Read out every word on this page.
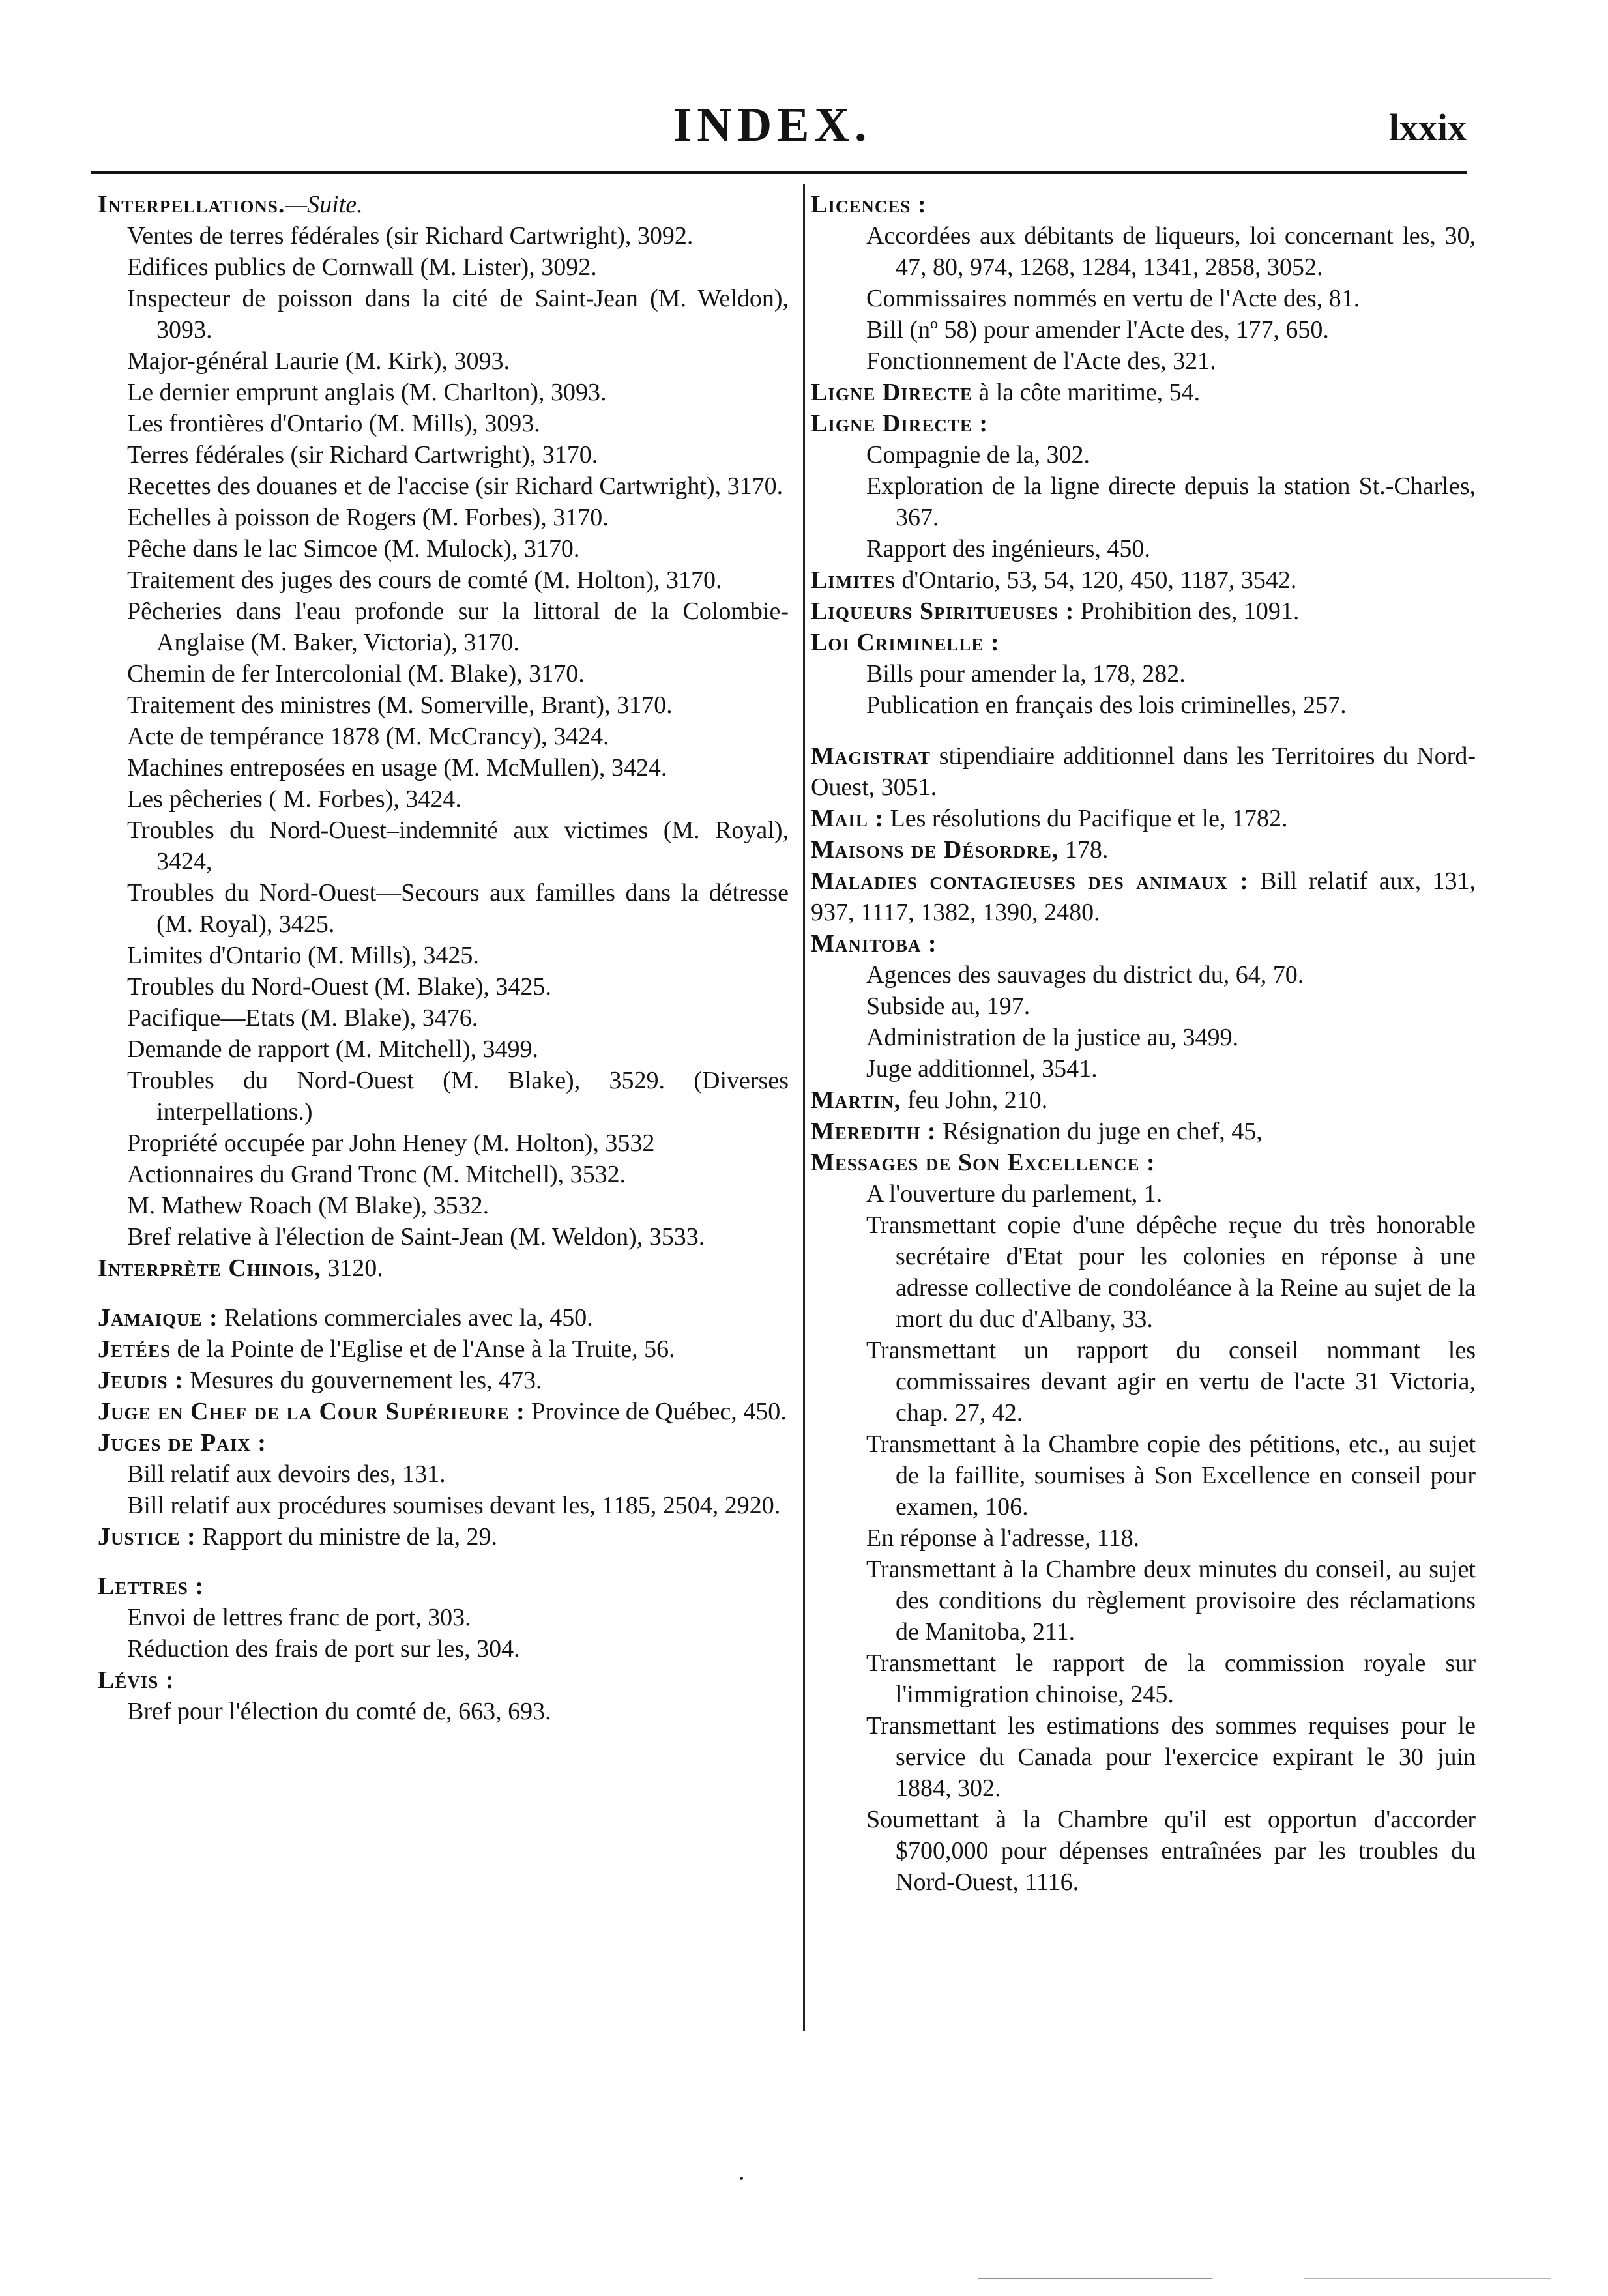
INDEX.	lxxix
Interpellations.—Suite.
Ventes de terres fédérales (sir Richard Cartwright), 3092.
Edifices publics de Cornwall (M. Lister), 3092.
Inspecteur de poisson dans la cité de Saint-Jean (M. Weldon), 3093.
Major-général Laurie (M. Kirk), 3093.
Le dernier emprunt anglais (M. Charlton), 3093.
Les frontières d'Ontario (M. Mills), 3093.
Terres fédérales (sir Richard Cartwright), 3170.
Recettes des douanes et de l'accise (sir Richard Cartwright), 3170.
Echelles à poisson de Rogers (M. Forbes), 3170.
Pêche dans le lac Simcoe (M. Mulock), 3170.
Traitement des juges des cours de comté (M. Holton), 3170.
Pêcheries dans l'eau profonde sur la littoral de la Colombie-Anglaise (M. Baker, Victoria), 3170.
Chemin de fer Intercolonial (M. Blake), 3170.
Traitement des ministres (M. Somerville, Brant), 3170.
Acte de tempérance 1878 (M. McCrancy), 3424.
Machines entreposées en usage (M. McMullen), 3424.
Les pêcheries ( M. Forbes), 3424.
Troubles du Nord-Ouest–indemnité aux victimes (M. Royal), 3424,
Troubles du Nord-Ouest—Secours aux familles dans la détresse (M. Royal), 3425.
Limites d'Ontario (M. Mills), 3425.
Troubles du Nord-Ouest (M. Blake), 3425.
Pacifique—Etats (M. Blake), 3476.
Demande de rapport (M. Mitchell), 3499.
Troubles du Nord-Ouest (M. Blake), 3529. (Diverses interpellations.)
Propriété occupée par John Heney (M. Holton), 3532
Actionnaires du Grand Tronc (M. Mitchell), 3532.
M. Mathew Roach (M Blake), 3532.
Bref relative à l'élection de Saint-Jean (M. Weldon), 3533.
Interprète Chinois, 3120.
Jamaique : Relations commerciales avec la, 450.
Jetées de la Pointe de l'Eglise et de l'Anse à la Truite, 56.
Jeudis : Mesures du gouvernement les, 473.
Juge en Chef de la Cour Supérieure : Province de Québec, 450.
Juges de Paix :
Bill relatif aux devoirs des, 131.
Bill relatif aux procédures soumises devant les, 1185, 2504, 2920.
Justice : Rapport du ministre de la, 29.
Lettres :
Envoi de lettres franc de port, 303.
Réduction des frais de port sur les, 304.
Lévis :
Bref pour l'élection du comté de, 663, 693.
Licences :
Accordées aux débitants de liqueurs, loi concernant les, 30, 47, 80, 974, 1268, 1284, 1341, 2858, 3052.
Commissaires nommés en vertu de l'Acte des, 81.
Bill (nº 58) pour amender l'Acte des, 177, 650.
Fonctionnement de l'Acte des, 321.
Ligne Directe à la côte maritime, 54.
Ligne Directe :
Compagnie de la, 302.
Exploration de la ligne directe depuis la station St.-Charles, 367.
Rapport des ingénieurs, 450.
Limites d'Ontario, 53, 54, 120, 450, 1187, 3542.
Liqueurs Spiritueuses : Prohibition des, 1091.
Loi Criminelle :
Bills pour amender la, 178, 282.
Publication en français des lois criminelles, 257.
Magistrat stipendiaire additionnel dans les Territoires du Nord-Ouest, 3051.
Mail : Les résolutions du Pacifique et le, 1782.
Maisons de Désordre, 178.
Maladies contagieuses des animaux : Bill relatif aux, 131, 937, 1117, 1382, 1390, 2480.
Manitoba :
Agences des sauvages du district du, 64, 70.
Subside au, 197.
Administration de la justice au, 3499.
Juge additionnel, 3541.
Martin, feu John, 210.
Meredith : Résignation du juge en chef, 45,
Messages de Son Excellence :
A l'ouverture du parlement, 1.
Transmettant copie d'une dépêche reçue du très honorable secrétaire d'Etat pour les colonies en réponse à une adresse collective de condoléance à la Reine au sujet de la mort du duc d'Albany, 33.
Transmettant un rapport du conseil nommant les commissaires devant agir en vertu de l'acte 31 Victoria, chap. 27, 42.
Transmettant à la Chambre copie des pétitions, etc., au sujet de la faillite, soumises à Son Excellence en conseil pour examen, 106.
En réponse à l'adresse, 118.
Transmettant à la Chambre deux minutes du conseil, au sujet des conditions du règlement provisoire des réclamations de Manitoba, 211.
Transmettant le rapport de la commission royale sur l'immigration chinoise, 245.
Transmettant les estimations des sommes requises pour le service du Canada pour l'exercice expirant le 30 juin 1884, 302.
Soumettant à la Chambre qu'il est opportun d'accorder $700,000 pour dépenses entraînées par les troubles du Nord-Ouest, 1116.
